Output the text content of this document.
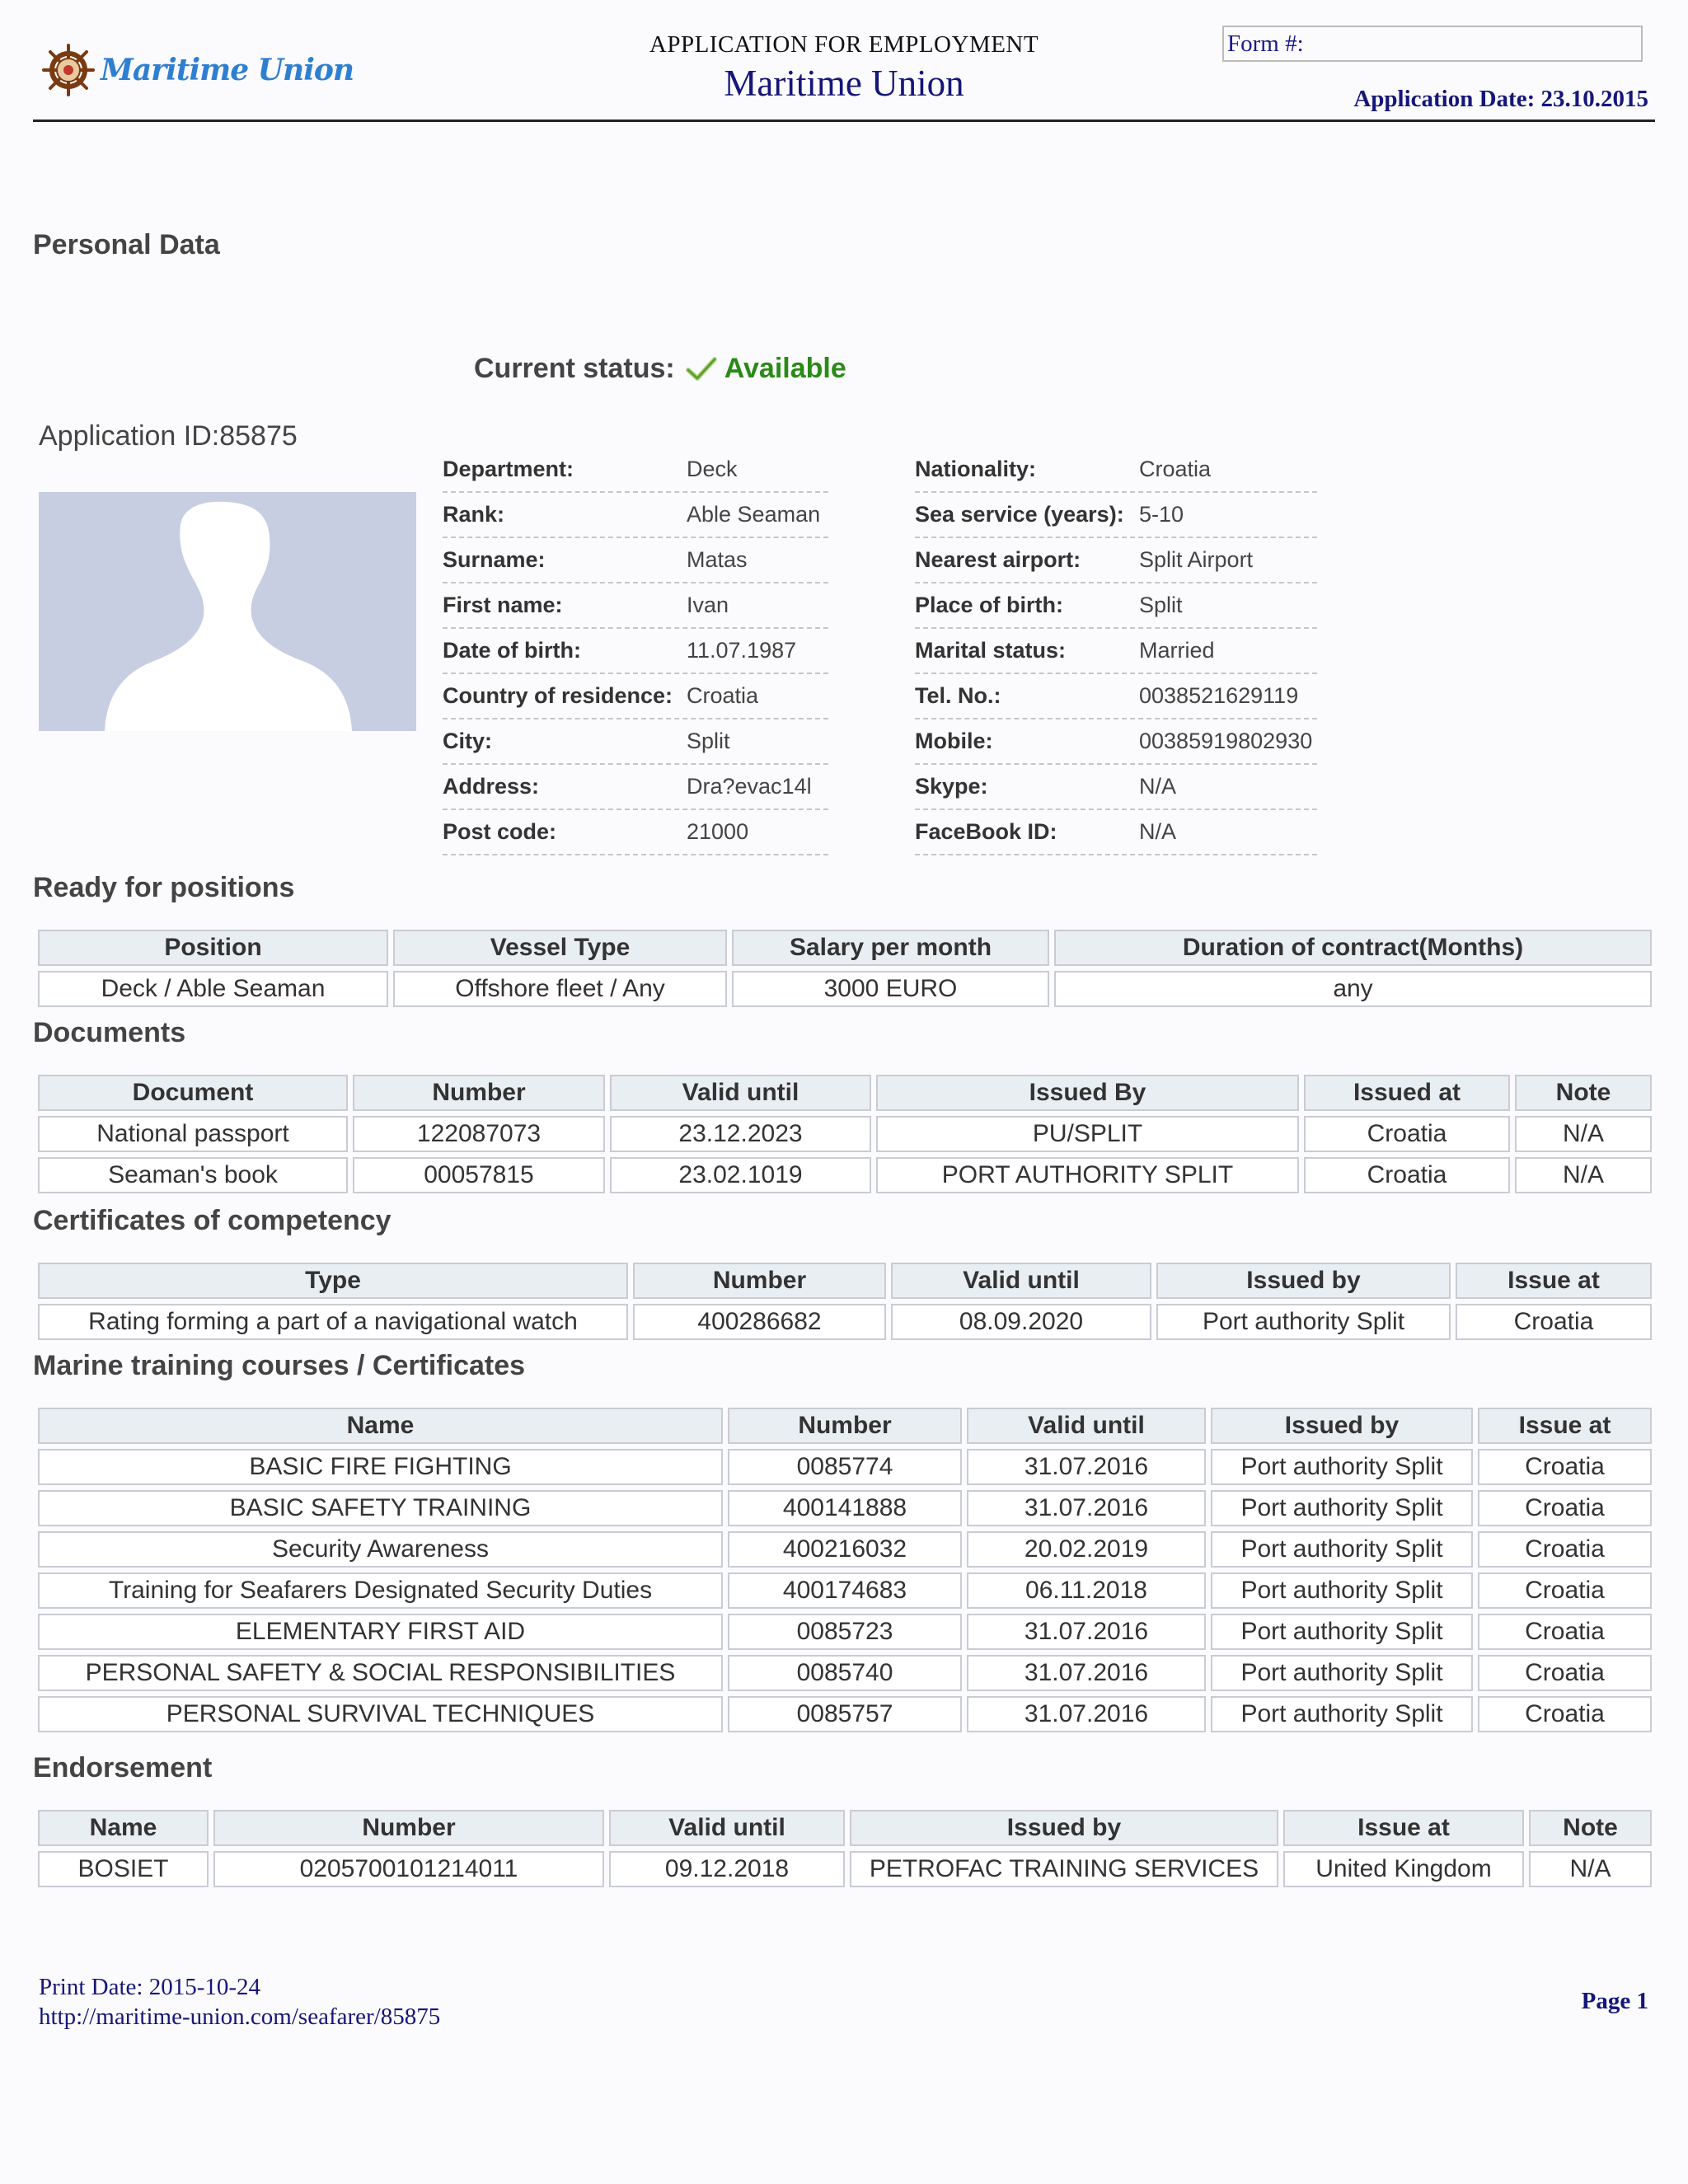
Maritime Union
APPLICATION FOR EMPLOYMENT
Maritime Union
Form #:
Application Date: 23.10.2015
Personal Data
Current status: Available
Application ID:85875
Department:	Deck
Rank:	Able Seaman
Surname:	Matas
First name:	Ivan
Date of birth:	11.07.1987
Country of residence: Croatia
City:	Split
Address:	Dra?evac14l
Post code:	21000
Nationality:	Croatia
Sea service (years): 5-10
Nearest airport:	Split Airport
Place of birth:	Split
Marital status:	Married
Tel. No.:	0038521629119
Mobile:	00385919802930
Skype:	N/A
FaceBook ID:	N/A
Ready for positions
Position	Vessel Type	Salary per month	Duration of contract(Months)
Deck / Able Seaman	Offshore fleet / Any	3000 EURO	any
Documents
Document	Number	Valid until	Issued By	Issued at	Note
National passport	122087073	23.12.2023	PU/SPLIT	Croatia	N/A
Seaman's book	00057815	23.02.1019	PORT AUTHORITY SPLIT	Croatia	N/A
Certificates of competency
Type	Number	Valid until	Issued by	Issue at
Rating forming a part of a navigational watch	400286682	08.09.2020	Port authority Split	Croatia
Marine training courses / Certificates
Name	Number	Valid until	Issued by	Issue at
BASIC FIRE FIGHTING	0085774	31.07.2016	Port authority Split	Croatia
BASIC SAFETY TRAINING	400141888	31.07.2016	Port authority Split	Croatia
Security Awareness	400216032	20.02.2019	Port authority Split	Croatia
Training for Seafarers Designated Security Duties	400174683	06.11.2018	Port authority Split	Croatia
ELEMENTARY FIRST AID	0085723	31.07.2016	Port authority Split	Croatia
PERSONAL SAFETY & SOCIAL RESPONSIBILITIES	0085740	31.07.2016	Port authority Split	Croatia
PERSONAL SURVIVAL TECHNIQUES	0085757	31.07.2016	Port authority Split	Croatia
Endorsement
Name	Number	Valid until	Issued by	Issue at	Note
BOSIET	0205700101214011	09.12.2018	PETROFAC TRAINING SERVICES	United Kingdom	N/A
Print Date: 2015-10-24
http://maritime-union.com/seafarer/85875
Page 1
